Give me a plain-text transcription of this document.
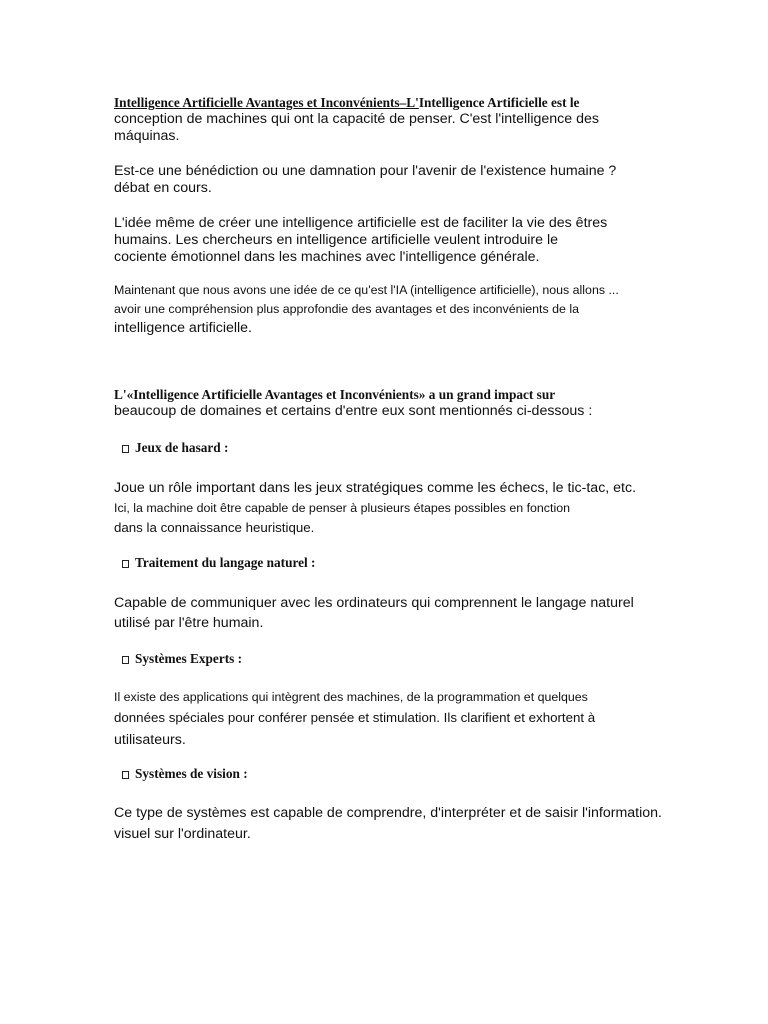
Intelligence Artificielle Avantages et Inconvénients–L'Intelligence Artificielle est le
conception de machines qui ont la capacité de penser. C'est l'intelligence des
máquinas.
Est-ce une bénédiction ou une damnation pour l'avenir de l'existence humaine ?
débat en cours.
L'idée même de créer une intelligence artificielle est de faciliter la vie des êtres
humains. Les chercheurs en intelligence artificielle veulent introduire le
cociente émotionnel dans les machines avec l'intelligence générale.
Maintenant que nous avons une idée de ce qu'est l'IA (intelligence artificielle), nous allons ...
avoir une compréhension plus approfondie des avantages et des inconvénients de la
intelligence artificielle.
L'«Intelligence Artificielle Avantages et Inconvénients» a un grand impact sur
beaucoup de domaines et certains d'entre eux sont mentionnés ci-dessous :
Jeux de hasard :
Joue un rôle important dans les jeux stratégiques comme les échecs, le tic-tac, etc.
Ici, la machine doit être capable de penser à plusieurs étapes possibles en fonction
dans la connaissance heuristique.
Traitement du langage naturel :
Capable de communiquer avec les ordinateurs qui comprennent le langage naturel
utilisé par l'être humain.
Systèmes Experts :
Il existe des applications qui intègrent des machines, de la programmation et quelques
données spéciales pour conférer pensée et stimulation. Ils clarifient et exhortent à
utilisateurs.
Systèmes de vision :
Ce type de systèmes est capable de comprendre, d'interpréter et de saisir l'information.
visuel sur l'ordinateur.
